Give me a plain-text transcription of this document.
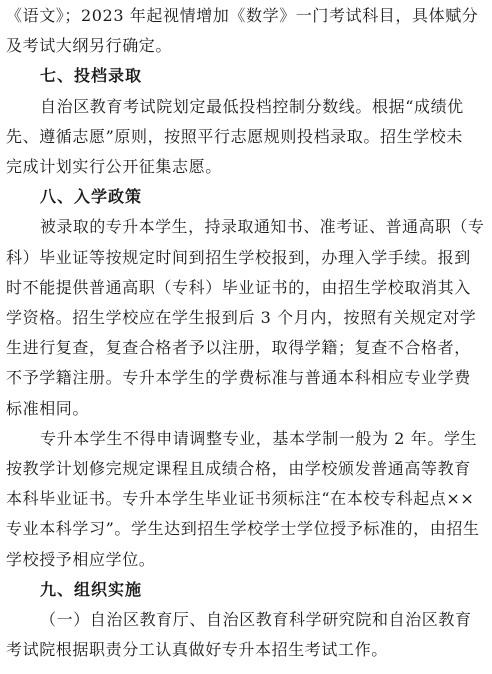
《语文》；2023 年起视情增加《数学》一门考试科目，具体赋分
及考试大纲另行确定。
七、投档录取
自治区教育考试院划定最低投档控制分数线。根据“成绩优
先、遵循志愿”原则，按照平行志愿规则投档录取。招生学校未
完成计划实行公开征集志愿。
八、入学政策
被录取的专升本学生，持录取通知书、准考证、普通高职（专
科）毕业证等按规定时间到招生学校报到，办理入学手续。报到
时不能提供普通高职（专科）毕业证书的，由招生学校取消其入
学资格。招生学校应在学生报到后 3 个月内，按照有关规定对学
生进行复查，复查合格者予以注册，取得学籍；复查不合格者，
不予学籍注册。专升本学生的学费标准与普通本科相应专业学费
标准相同。
专升本学生不得申请调整专业，基本学制一般为 2 年。学生
按教学计划修完规定课程且成绩合格，由学校颁发普通高等教育
本科毕业证书。专升本学生毕业证书须标注“在本校专科起点××
专业本科学习”。学生达到招生学校学士学位授予标准的，由招生
学校授予相应学位。
九、组织实施
（一）自治区教育厅、自治区教育科学研究院和自治区教育
考试院根据职责分工认真做好专升本招生考试工作。
